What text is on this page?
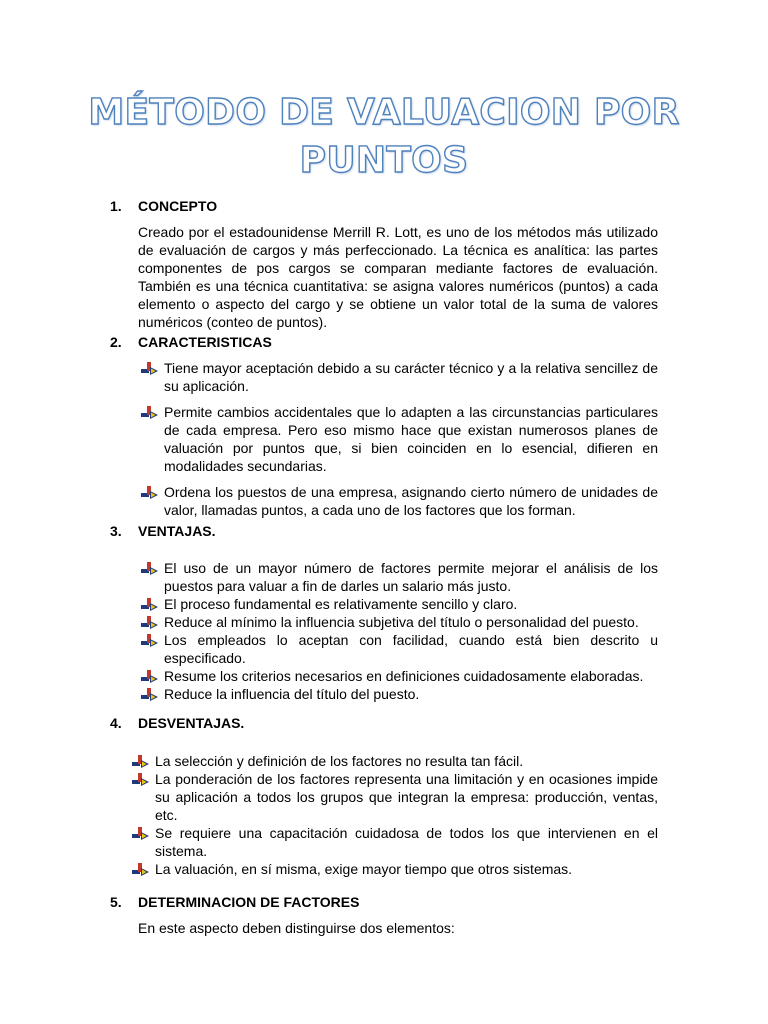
MÉTODO DE VALUACION POR
PUNTOS
1. CONCEPTO

Creado por el estadounidense Merrill R. Lott, es uno de los métodos más utilizado de evaluación de cargos y más perfeccionado. La técnica es analítica: las partes componentes de pos cargos se comparan mediante factores de evaluación. También es una técnica cuantitativa: se asigna valores numéricos (puntos) a cada elemento o aspecto del cargo y se obtiene un valor total de la suma de valores numéricos (conteo de puntos).

2. CARACTERISTICAS
Tiene mayor aceptación debido a su carácter técnico y a la relativa sencillez de su aplicación.
Permite cambios accidentales que lo adapten a las circunstancias particulares de cada empresa. Pero eso mismo hace que existan numerosos planes de valuación por puntos que, si bien coinciden en lo esencial, difieren en modalidades secundarias.
Ordena los puestos de una empresa, asignando cierto número de unidades de valor, llamadas puntos, a cada uno de los factores que los forman.
3. VENTAJAS.
El uso de un mayor número de factores permite mejorar el análisis de los puestos para valuar a fin de darles un salario más justo.
El proceso fundamental es relativamente sencillo y claro.
Reduce al mínimo la influencia subjetiva del título o personalidad del puesto.
Los empleados lo aceptan con facilidad, cuando está bien descrito u especificado.
Resume los criterios necesarios en definiciones cuidadosamente elaboradas.
Reduce la influencia del título del puesto.
4. DESVENTAJAS.
La selección y definición de los factores no resulta tan fácil.
La ponderación de los factores representa una limitación y en ocasiones impide su aplicación a todos los grupos que integran la empresa: producción, ventas, etc.
Se requiere una capacitación cuidadosa de todos los que intervienen en el sistema.
La valuación, en sí misma, exige mayor tiempo que otros sistemas.
5. DETERMINACION DE FACTORES

En este aspecto deben distinguirse dos elementos:
